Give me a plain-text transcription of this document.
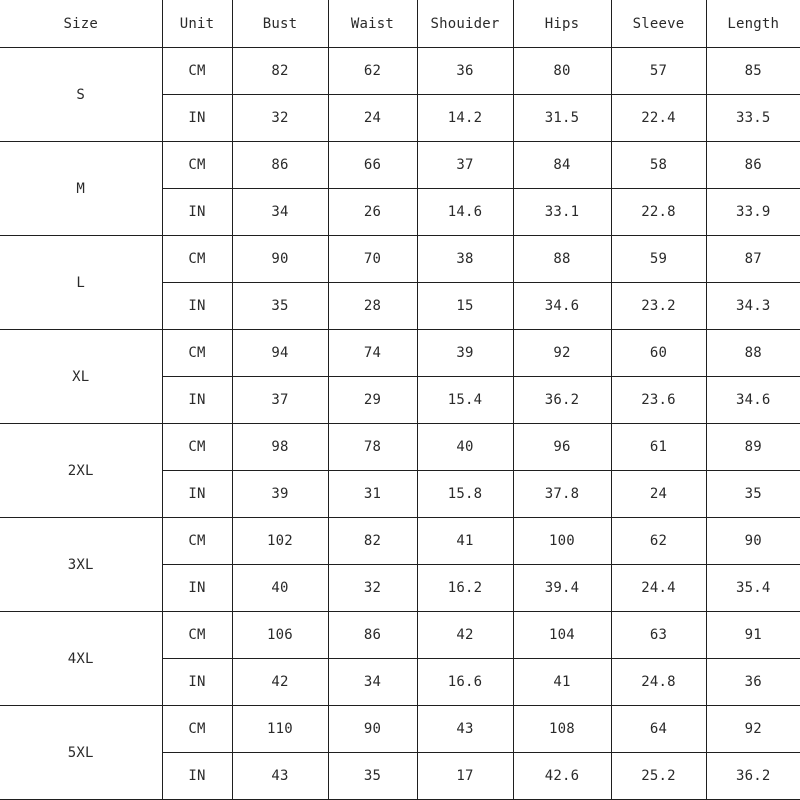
Size	Unit	Bust	Waist	Shouider	Hips	Sleeve	Length
S	CM	82	62	36	80	57	85
	IN	32	24	14.2	31.5	22.4	33.5
M	CM	86	66	37	84	58	86
	IN	34	26	14.6	33.1	22.8	33.9
L	CM	90	70	38	88	59	87
	IN	35	28	15	34.6	23.2	34.3
XL	CM	94	74	39	92	60	88
	IN	37	29	15.4	36.2	23.6	34.6
2XL	CM	98	78	40	96	61	89
	IN	39	31	15.8	37.8	24	35
3XL	CM	102	82	41	100	62	90
	IN	40	32	16.2	39.4	24.4	35.4
4XL	CM	106	86	42	104	63	91
	IN	42	34	16.6	41	24.8	36
5XL	CM	110	90	43	108	64	92
	IN	43	35	17	42.6	25.2	36.2
